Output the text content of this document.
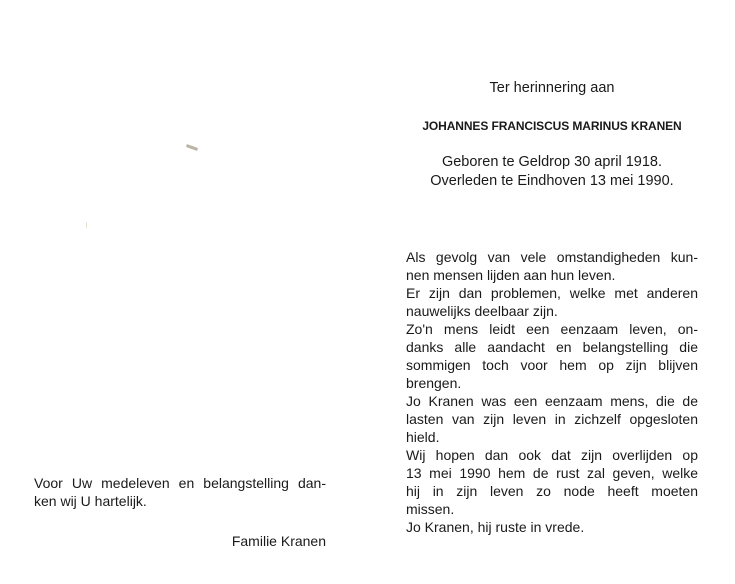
Ter herinnering aan
JOHANNES FRANCISCUS MARINUS KRANEN
Geboren te Geldrop 30 april 1918.
Overleden te Eindhoven 13 mei 1990.
Als gevolg van vele omstandigheden kun-
nen mensen lijden aan hun leven.
Er zijn dan problemen, welke met anderen
nauwelijks deelbaar zijn.
Zo'n mens leidt een eenzaam leven, on-
danks alle aandacht en belangstelling die
sommigen toch voor hem op zijn blijven
brengen.
Jo Kranen was een eenzaam mens, die de
lasten van zijn leven in zichzelf opgesloten
hield.
Wij hopen dan ook dat zijn overlijden op
13 mei 1990 hem de rust zal geven, welke
hij in zijn leven zo node heeft moeten
missen.
Jo Kranen, hij ruste in vrede.
Voor Uw medeleven en belangstelling dan-
ken wij U hartelijk.
Familie Kranen
